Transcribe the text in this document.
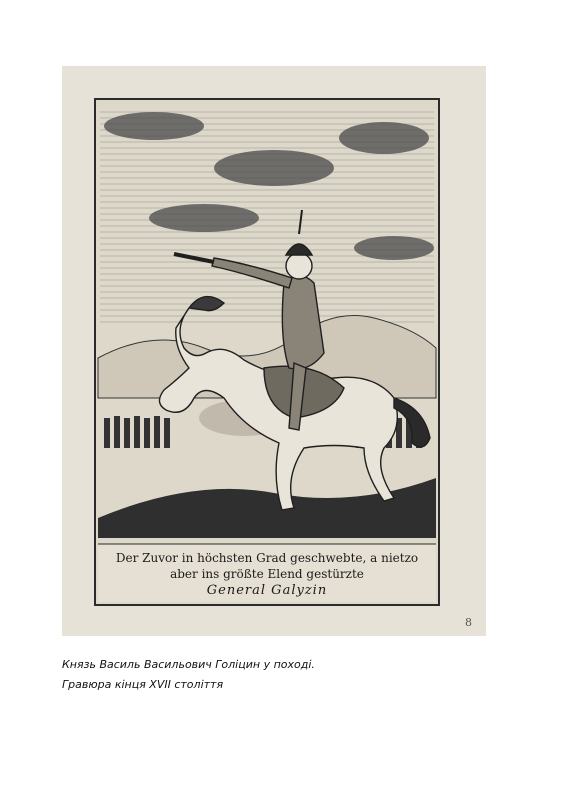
Der Zuvor in höchsten Grad geschwebte, a nietzo
aber ins größte Elend gestürzte
General Galyzin
8
Князь Василь Васильович Голіцин у поході.
Гравюра кінця XVII століття
